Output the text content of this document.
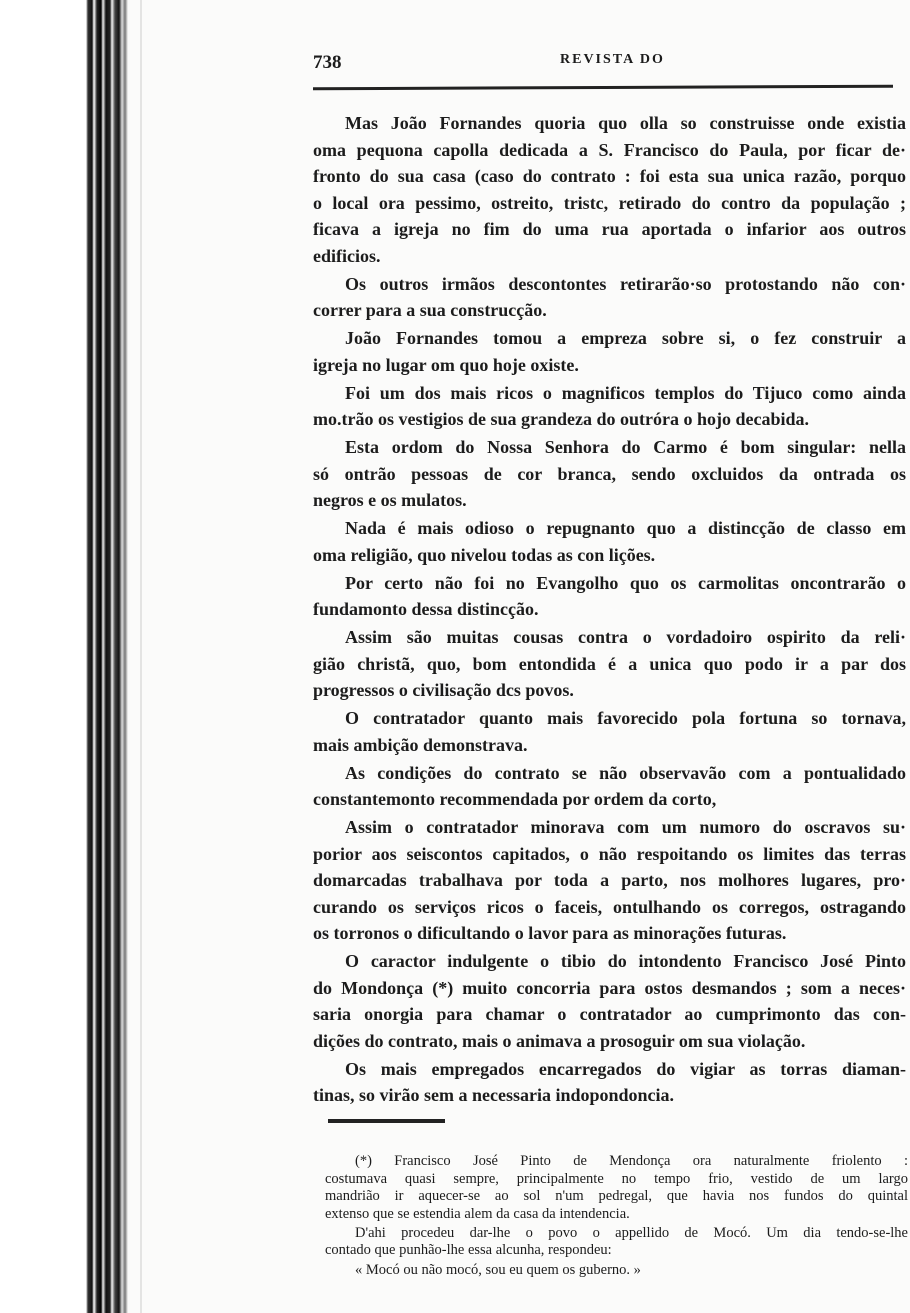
738	REVISTA DO
Mas João Fornandes quoria quo olla so construisse onde existia
oma pequona capolla dedicada a S. Francisco do Paula, por ficar de·
fronto do sua casa (caso do contrato : foi esta sua unica razão, porquo
o local ora pessimo, ostreito, tristc, retirado do contro da população ;
ficava a igreja no fim do uma rua aportada o infarior aos outros
edificios.
Os outros irmãos descontontes retirarão·so protostando não con·
correr para a sua construcção.
João Fornandes tomou a empreza sobre si, o fez construir a
igreja no lugar om quo hoje oxiste.
Foi um dos mais ricos o magnificos templos do Tijuco como ainda
mo.trão os vestigios de sua grandeza do outróra o hojo decabida.
Esta ordom do Nossa Senhora do Carmo é bom singular: nella
só ontrão pessoas de cor branca, sendo oxcluidos da ontrada os
negros e os mulatos.
Nada é mais odioso o repugnanto quo a distincção de classo em
oma religião, quo nivelou todas as con lições.
Por certo não foi no Evangolho quo os carmolitas oncontrarão o
fundamonto dessa distincção.
Assim são muitas cousas contra o vordadoiro ospirito da reli·
gião christã, quo, bom entondida é a unica quo podo ir a par dos
progressos o civilisação dcs povos.
O contratador quanto mais favorecido pola fortuna so tornava,
mais ambição demonstrava.
As condições do contrato se não observavão com a pontualidado
constantemonto recommendada por ordem da corto,
Assim o contratador minorava com um numoro do oscravos su·
porior aos seiscontos capitados, o não respoitando os limites das terras
domarcadas trabalhava por toda a parto, nos molhores lugares, pro·
curando os serviços ricos o faceis, ontulhando os corregos, ostragando
os torronos o dificultando o lavor para as minorações futuras.
O caractor indulgente o tibio do intondento Francisco José Pinto
do Mondonça (*) muito concorria para ostos desmandos ; som a neces·
saria onorgia para chamar o contratador ao cumprimonto das con-
dições do contrato, mais o animava a prosoguir om sua violação.
Os mais empregados encarregados do vigiar as torras diaman-
tinas, so virão sem a necessaria indopondoncia.
(*) Francisco José Pinto de Mendonça ora naturalmente friolento :
costumava quasi sempre, principalmente no tempo frio, vestido de um largo
mandrião ir aquecer-se ao sol n'um pedregal, que havia nos fundos do quintal
extenso que se estendia alem da casa da intendencia.
D'ahi procedeu dar-lhe o povo o appellido de Mocó. Um dia tendo-se-lhe
contado que punhão-lhe essa alcunha, respondeu:
« Mocó ou não mocó, sou eu quem os guberno. »
